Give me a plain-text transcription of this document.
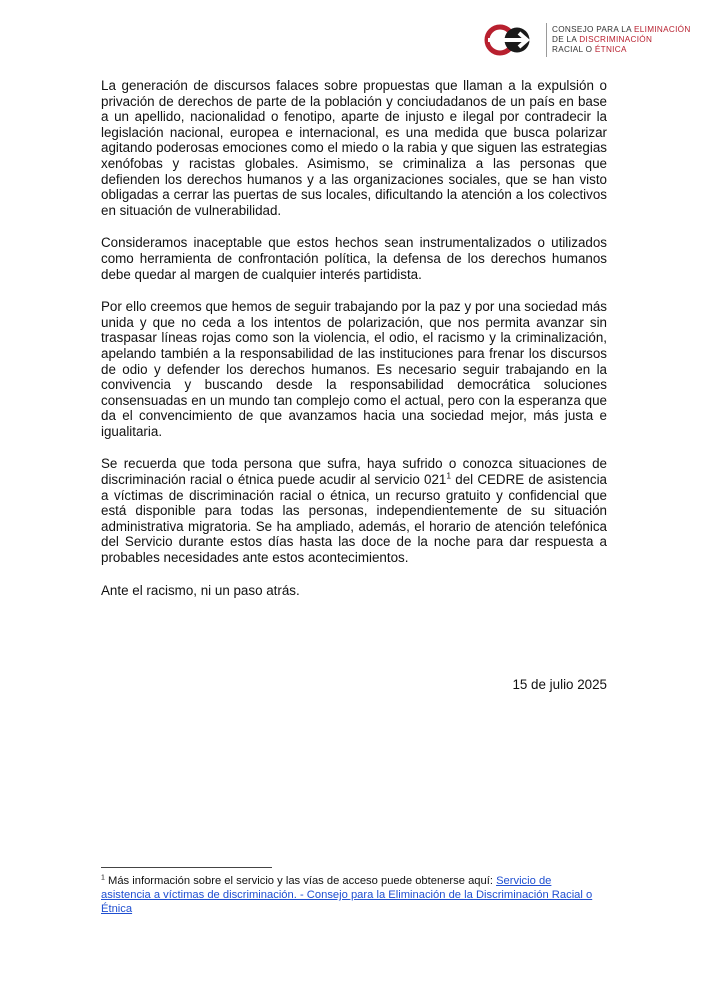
CONSEJO PARA LA ELIMINACIÓN
DE LA DISCRIMINACIÓN
RACIAL O ÉTNICA

La generación de discursos falaces sobre propuestas que llaman a la expulsión o privación de derechos de parte de la población y conciudadanos de un país en base a un apellido, nacionalidad o fenotipo, aparte de injusto e ilegal por contradecir la legislación nacional, europea e internacional, es una medida que busca polarizar agitando poderosas emociones como el miedo o la rabia y que siguen las estrategias xenófobas y racistas globales. Asimismo, se criminaliza a las personas que defienden los derechos humanos y a las organizaciones sociales, que se han visto obligadas a cerrar las puertas de sus locales, dificultando la atención a los colectivos en situación de vulnerabilidad.

Consideramos inaceptable que estos hechos sean instrumentalizados o utilizados como herramienta de confrontación política, la defensa de los derechos humanos debe quedar al margen de cualquier interés partidista.

Por ello creemos que hemos de seguir trabajando por la paz y por una sociedad más unida y que no ceda a los intentos de polarización, que nos permita avanzar sin traspasar líneas rojas como son la violencia, el odio, el racismo y la criminalización, apelando también a la responsabilidad de las instituciones para frenar los discursos de odio y defender los derechos humanos. Es necesario seguir trabajando en la convivencia y buscando desde la responsabilidad democrática soluciones consensuadas en un mundo tan complejo como el actual, pero con la esperanza que da el convencimiento de que avanzamos hacia una sociedad mejor, más justa e igualitaria.

Se recuerda que toda persona que sufra, haya sufrido o conozca situaciones de discriminación racial o étnica puede acudir al servicio $021^1$ del CEDRE de asistencia a víctimas de discriminación racial o étnica, un recurso gratuito y confidencial que está disponible para todas las personas, independientemente de su situación administrativa migratoria. Se ha ampliado, además, el horario de atención telefónica del Servicio durante estos días hasta las doce de la noche para dar respuesta a probables necesidades ante estos acontecimientos.

Ante el racismo, ni un paso atrás.

15 de julio 2025
$^1$ Más información sobre el servicio y las vías de acceso puede obtenerse aquí: Servicio de asistencia a víctimas de discriminación. - Consejo para la Eliminación de la Discriminación Racial o Étnica
